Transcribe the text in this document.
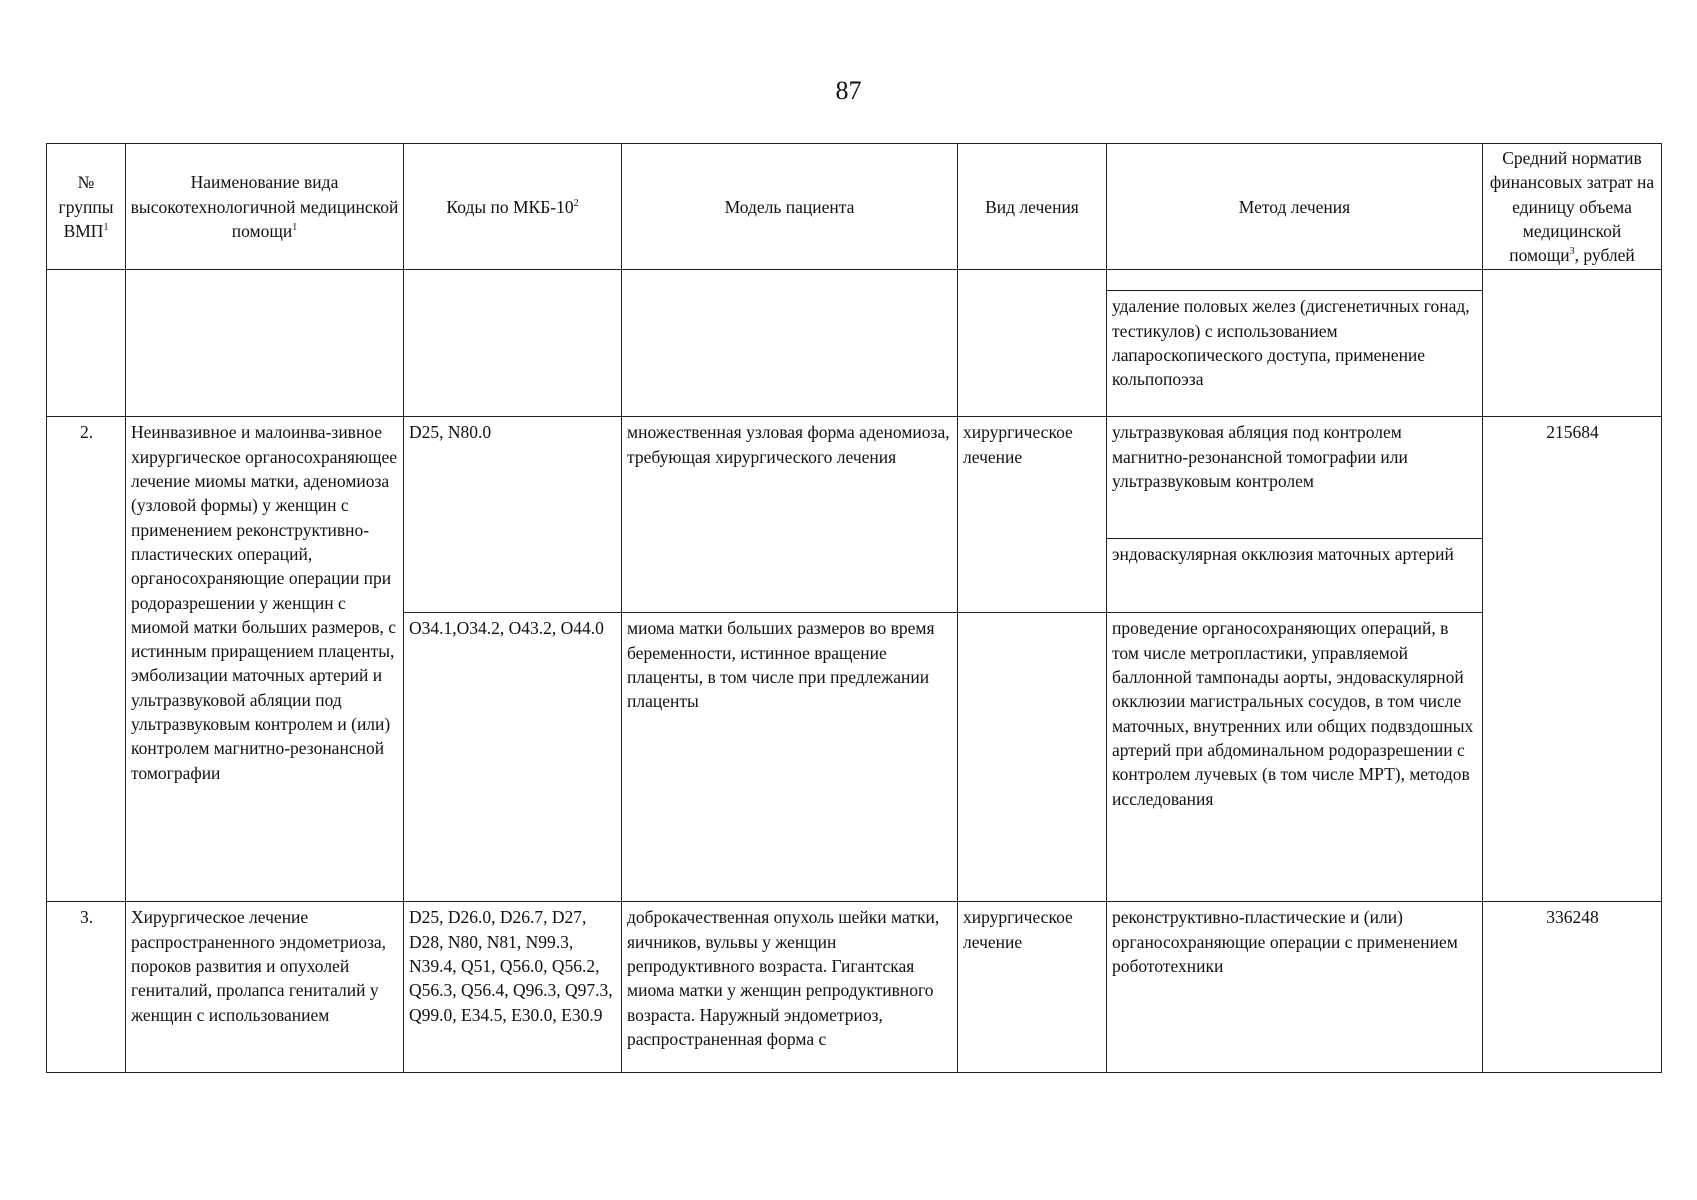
87
№ группы ВМП$^1$	Наименование вида высокотехнологичной медицинской помощи$^1$	Коды по МКБ-$10^2$	Модель пациента	Вид лечения	Метод лечения	Средний норматив финансовых затрат на единицу объема медицинской помощи$^3$, рублей

					удаление половых желез (дисгенетичных гонад, тестикулов) с использованием лапароскопического доступа, применение кольпопоэза	
2.	Неинвазивное и малоинва-зивное хирургическое органосохраняющее лечение миомы матки, аденомиоза (узловой формы) у женщин с применением реконструктивно-пластических операций, органосохраняющие операции при родоразрешении у женщин с миомой матки больших размеров, с истинным приращением плаценты, эмболизации маточных артерий и ультразвуковой абляции под ультразвуковым контролем и (или) контролем магнитно-резонансной томографии	D25, N80.0	множественная узловая форма аденомиоза, требующая хирургического лечения	хирургическое лечение	ультразвуковая абляция под контролем магнитно-резонансной томографии или ультразвуковым контролем	215684
					эндоваскулярная окклюзия маточных артерий	
		O34.1,O34.2, O43.2, O44.0	миома матки больших размеров во время беременности, истинное вращение плаценты, в том числе при предлежании плаценты		проведение органосохраняющих операций, в том числе метропластики, управляемой баллонной тампонады аорты, эндоваскулярной окклюзии магистральных сосудов, в том числе маточных, внутренних или общих подвздошных артерий при абдоминальном родоразрешении с контролем лучевых (в том числе МРТ), методов исследования	
3.	Хирургическое лечение распространенного эндометриоза, пороков развития и опухолей гениталий, пролапса гениталий у женщин с использованием	D25, D26.0, D26.7, D27, D28, N80, N81, N99.3, N39.4, Q51, Q56.0, Q56.2, Q56.3, Q56.4, Q96.3, Q97.3, Q99.0, E34.5, E30.0, E30.9	доброкачественная опухоль шейки матки, яичников, вульвы у женщин репродуктивного возраста. Гигантская миома матки у женщин репродуктивного возраста. Наружный эндометриоз, распространенная форма с	хирургическое лечение	реконструктивно-пластические и (или) органосохраняющие операции с применением робототехники	336248
